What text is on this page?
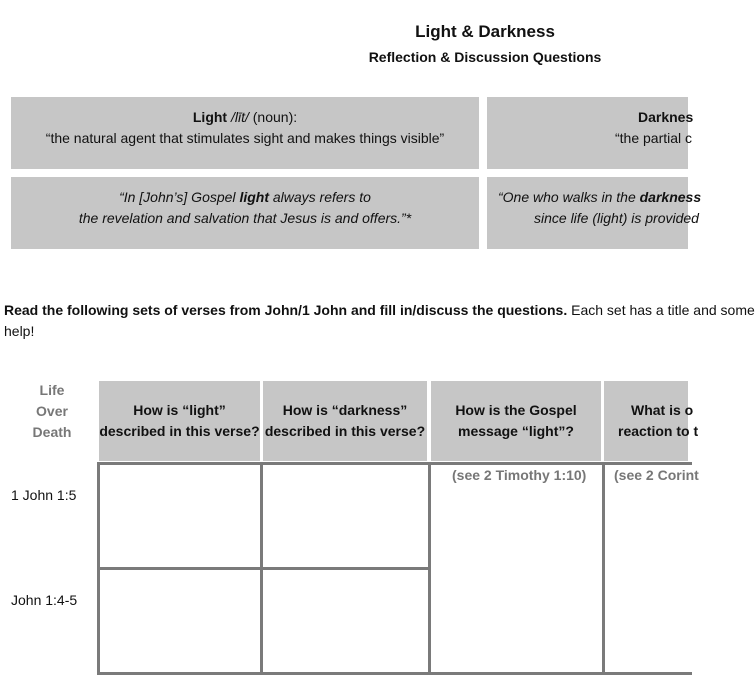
Light & Darkness
Reflection & Discussion Questions
Light /līt/ (noun):
“the natural agent that stimulates sight and makes things visible”
Darknes
“the partial c
“In [John’s] Gospel light always refers to
the revelation and salvation that Jesus is and offers.”*
“One who walks in the darkness
since life (light) is provided
Read the following sets of verses from John/1 John and fill in/discuss the questions. Each set has a title and some
help!
Life
Over
Death
How is “light”
described in this verse?
How is “darkness”
described in this verse?
How is the Gospel
message “light”?
What is o
reaction to t
1 John 1:5
John 1:4-5
(see 2 Timothy 1:10) (see 2 Corint
